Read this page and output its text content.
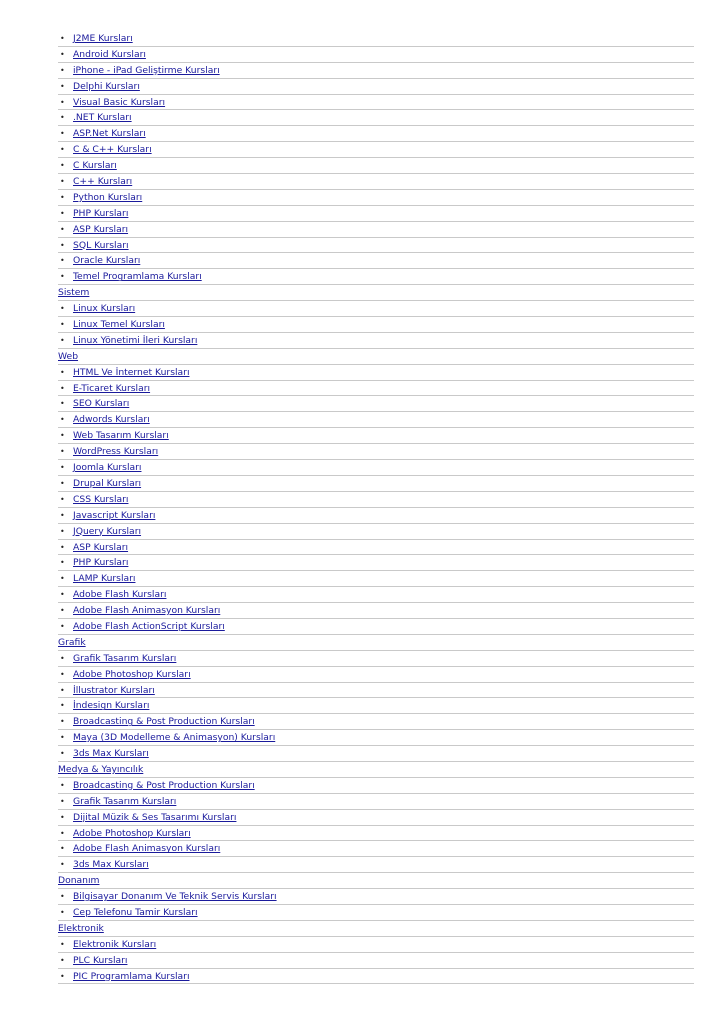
• J2ME Kursları
• Android Kursları
• iPhone - iPad Geliştirme Kursları
• Delphi Kursları
• Visual Basic Kursları
• .NET Kursları
• ASP.Net Kursları
• C & C++ Kursları
• C Kursları
• C++ Kursları
• Python Kursları
• PHP Kursları
• ASP Kursları
• SQL Kursları
• Oracle Kursları
• Temel Programlama Kursları
Sistem
• Linux Kursları
• Linux Temel Kursları
• Linux Yönetimi İleri Kursları
Web
• HTML Ve İnternet Kursları
• E-Ticaret Kursları
• SEO Kursları
• Adwords Kursları
• Web Tasarım Kursları
• WordPress Kursları
• Joomla Kursları
• Drupal Kursları
• CSS Kursları
• Javascript Kursları
• JQuery Kursları
• ASP Kursları
• PHP Kursları
• LAMP Kursları
• Adobe Flash Kursları
• Adobe Flash Animasyon Kursları
• Adobe Flash ActionScript Kursları
Grafik
• Grafik Tasarım Kursları
• Adobe Photoshop Kursları
• İllustrator Kursları
• İndesign Kursları
• Broadcasting & Post Production Kursları
• Maya (3D Modelleme & Animasyon) Kursları
• 3ds Max Kursları
Medya & Yayıncılık
• Broadcasting & Post Production Kursları
• Grafik Tasarım Kursları
• Dijital Müzik & Ses Tasarımı Kursları
• Adobe Photoshop Kursları
• Adobe Flash Animasyon Kursları
• 3ds Max Kursları
Donanım
• Bilgisayar Donanım Ve Teknik Servis Kursları
• Cep Telefonu Tamir Kursları
Elektronik
• Elektronik Kursları
• PLC Kursları
• PIC Programlama Kursları
